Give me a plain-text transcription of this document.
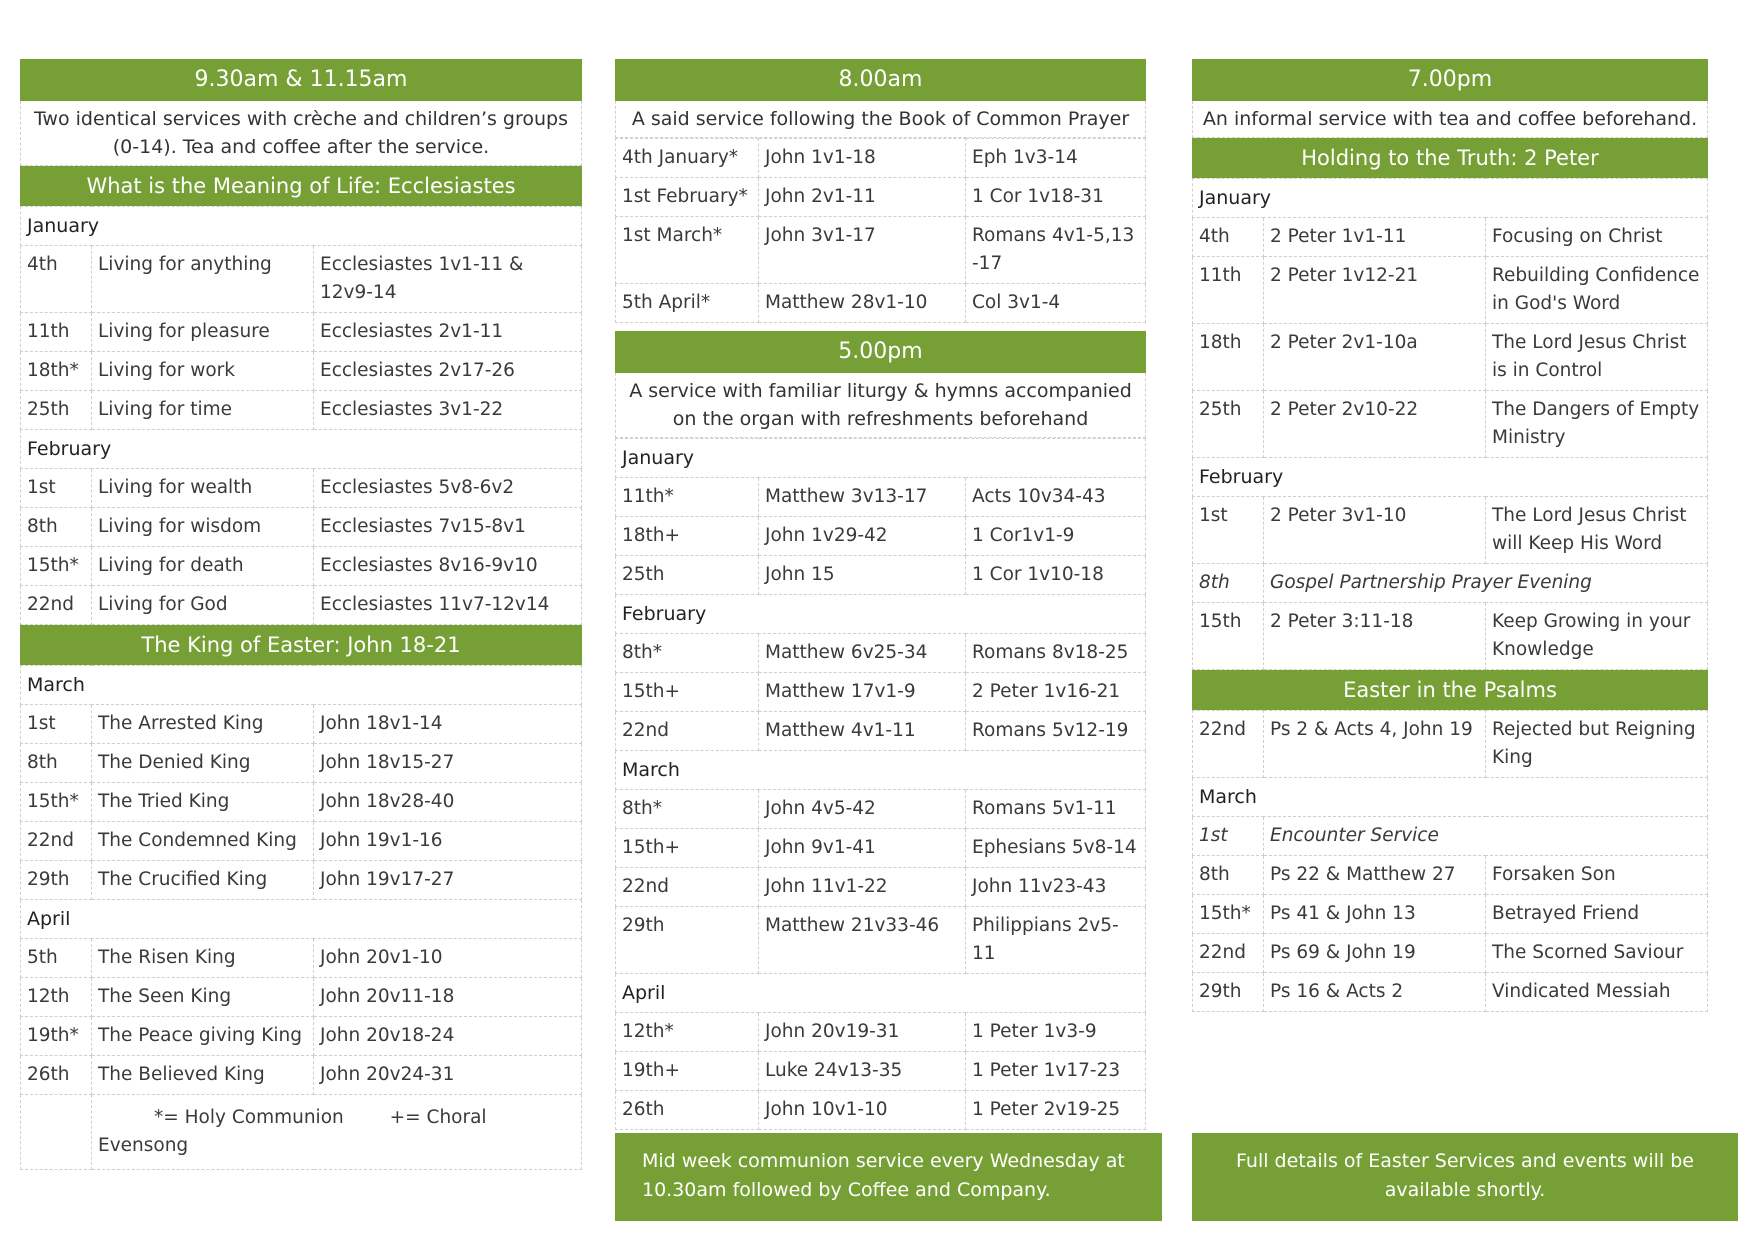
9.30am & 11.15am
Two identical services with crèche and children’s groups (0-14). Tea and coffee after the service.
What is the Meaning of Life: Ecclesiastes
January		
4th	Living for anything	Ecclesiastes 1v1-11 & 12v9-14
11th	Living for pleasure	Ecclesiastes 2v1-11
18th*	Living for work	Ecclesiastes 2v17-26
25th	Living for time	Ecclesiastes 3v1-22
February		
1st	Living for wealth	Ecclesiastes 5v8-6v2
8th	Living for wisdom	Ecclesiastes 7v15-8v1
15th*	Living for death	Ecclesiastes 8v16-9v10
22nd	Living for God	Ecclesiastes 11v7-12v14
The King of Easter: John 18-21
March		
1st	The Arrested King	John 18v1-14
8th	The Denied King	John 18v15-27
15th*	The Tried King	John 18v28-40
22nd	The Condemned King	John 19v1-16
29th	The Crucified King	John 19v17-27
April		
5th	The Risen King	John 20v1-10
12th	The Seen King	John 20v11-18
19th*	The Peace giving King	John 20v18-24
26th	The Believed King	John 20v24-31
	*= Holy Communion += Choral Evensong	
8.00am
A said service following the Book of Common Prayer
4th January*	John 1v1-18	Eph 1v3-14
1st February*	John 2v1-11	1 Cor 1v18-31
1st March*	John 3v1-17	Romans 4v1-5,13 -17
5th April*	Matthew 28v1-10	Col 3v1-4
5.00pm
A service with familiar liturgy & hymns accompanied on the organ with refreshments beforehand
January		
11th*	Matthew 3v13-17	Acts 10v34-43
18th+	John 1v29-42	1 Cor1v1-9
25th	John 15	1 Cor 1v10-18
February		
8th*	Matthew 6v25-34	Romans 8v18-25
15th+	Matthew 17v1-9	2 Peter 1v16-21
22nd	Matthew 4v1-11	Romans 5v12-19
March		
8th*	John 4v5-42	Romans 5v1-11
15th+	John 9v1-41	Ephesians 5v8-14
22nd	John 11v1-22	John 11v23-43
29th	Matthew 21v33-46	Philippians 2v5-11
April		
12th*	John 20v19-31	1 Peter 1v3-9
19th+	Luke 24v13-35	1 Peter 1v17-23
26th	John 10v1-10	1 Peter 2v19-25
7.00pm
An informal service with tea and coffee beforehand.
Holding to the Truth: 2 Peter
January		
4th	2 Peter 1v1-11	Focusing on Christ
11th	2 Peter 1v12-21	Rebuilding Confidence in God's Word
18th	2 Peter 2v1-10a	The Lord Jesus Christ is in Control
25th	2 Peter 2v10-22	The Dangers of Empty Ministry
February		
1st	2 Peter 3v1-10	The Lord Jesus Christ will Keep His Word
8th	Gospel Partnership Prayer Evening	
15th	2 Peter 3:11-18	Keep Growing in your Knowledge
Easter in the Psalms
22nd	Ps 2 & Acts 4, John 19	Rejected but Reigning King
March		
1st	Encounter Service	
8th	Ps 22 & Matthew 27	Forsaken Son
15th*	Ps 41 & John 13	Betrayed Friend
22nd	Ps 69 & John 19	The Scorned Saviour
29th	Ps 16 & Acts 2	Vindicated Messiah
Mid week communion service every Wednesday at 10.30am followed by Coffee and Company.
Full details of Easter Services and events will be available shortly.
